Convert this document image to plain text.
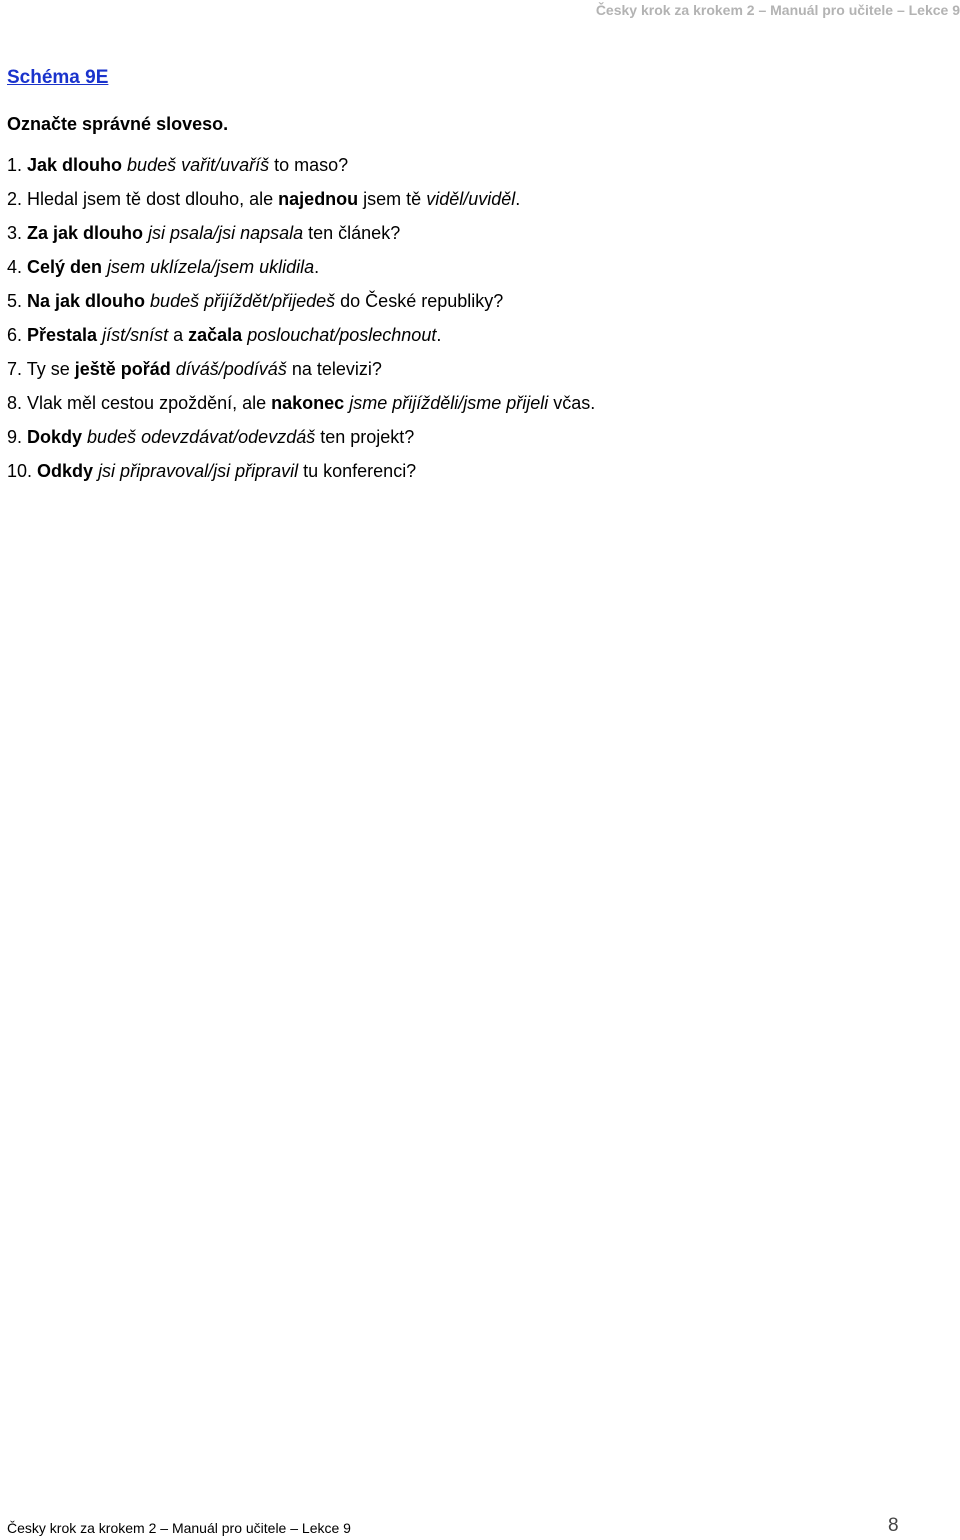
Česky krok za krokem 2 – Manuál pro učitele – Lekce 9
Schéma 9E

Označte správné sloveso.

1. Jak dlouho budeš vařit/uvaříš to maso?
2. Hledal jsem tě dost dlouho, ale najednou jsem tě viděl/uviděl.
3. Za jak dlouho jsi psala/jsi napsala ten článek?
4. Celý den jsem uklízela/jsem uklidila.
5. Na jak dlouho budeš přijíždět/přijedeš do České republiky?
6. Přestala jíst/sníst a začala poslouchat/poslechnout.
7. Ty se ještě pořád díváš/podíváš na televizi?
8. Vlak měl cestou zpoždění, ale nakonec jsme přijížděli/jsme přijeli včas.
9. Dokdy budeš odevzdávat/odevzdáš ten projekt?
10. Odkdy jsi připravoval/jsi připravil tu konferenci?
Česky krok za krokem 2 – Manuál pro učitele – Lekce 9	8
